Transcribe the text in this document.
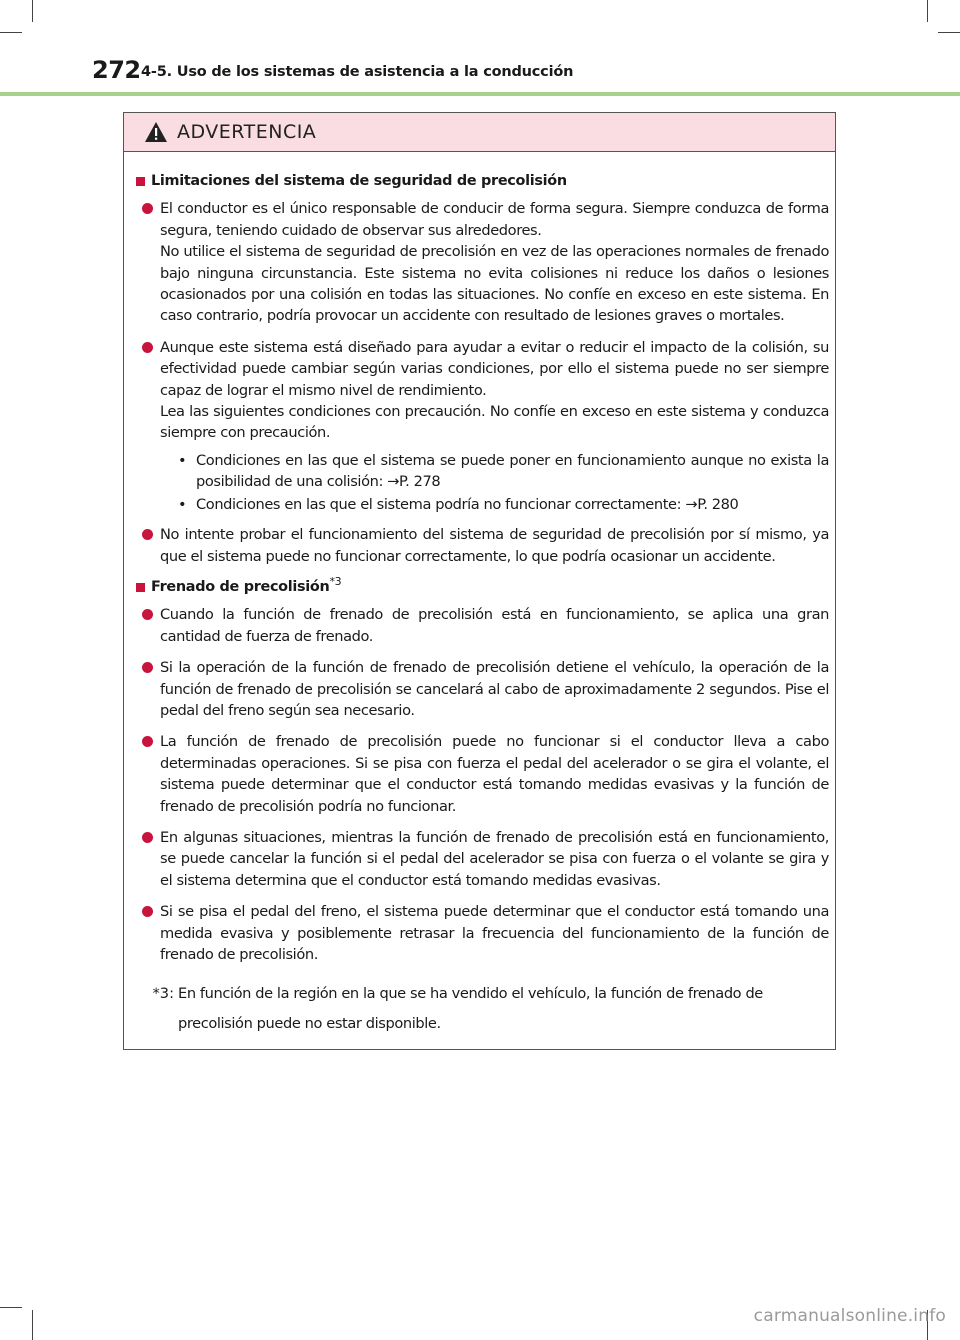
272 4-5. Uso de los sistemas de asistencia a la conducción
ADVERTENCIA
Limitaciones del sistema de seguridad de precolisión

El conductor es el único responsable de conducir de forma segura. Siempre conduzca de forma segura, teniendo cuidado de observar sus alrededores.

No utilice el sistema de seguridad de precolisión en vez de las operaciones normales de frenado bajo ninguna circunstancia. Este sistema no evita colisiones ni reduce los daños o lesiones ocasionados por una colisión en todas las situaciones. No confíe en exceso en este sistema. En caso contrario, podría provocar un accidente con resultado de lesiones graves o mortales.

Aunque este sistema está diseñado para ayudar a evitar o reducir el impacto de la colisión, su efectividad puede cambiar según varias condiciones, por ello el sistema puede no ser siempre capaz de lograr el mismo nivel de rendimiento.

Lea las siguientes condiciones con precaución. No confíe en exceso en este sistema y conduzca siempre con precaución.

• Condiciones en las que el sistema se puede poner en funcionamiento aunque no exista la posibilidad de una colisión: →P. 278
• Condiciones en las que el sistema podría no funcionar correctamente: →P. 280

No intente probar el funcionamiento del sistema de seguridad de precolisión por sí mismo, ya que el sistema puede no funcionar correctamente, lo que podría ocasionar un accidente.

Frenado de precolisión$^{*3}$

Cuando la función de frenado de precolisión está en funcionamiento, se aplica una gran cantidad de fuerza de frenado.

Si la operación de la función de frenado de precolisión detiene el vehículo, la operación de la función de frenado de precolisión se cancelará al cabo de aproximadamente 2 segundos. Pise el pedal del freno según sea necesario.

La función de frenado de precolisión puede no funcionar si el conductor lleva a cabo determinadas operaciones. Si se pisa con fuerza el pedal del acelerador o se gira el volante, el sistema puede determinar que el conductor está tomando medidas evasivas y la función de frenado de precolisión podría no funcionar.

En algunas situaciones, mientras la función de frenado de precolisión está en funcionamiento, se puede cancelar la función si el pedal del acelerador se pisa con fuerza o el volante se gira y el sistema determina que el conductor está tomando medidas evasivas.

Si se pisa el pedal del freno, el sistema puede determinar que el conductor está tomando una medida evasiva y posiblemente retrasar la frecuencia del funcionamiento de la función de frenado de precolisión.

*3: En función de la región en la que se ha vendido el vehículo, la función de frenado de precolisión puede no estar disponible.
carmanualsonline.info
